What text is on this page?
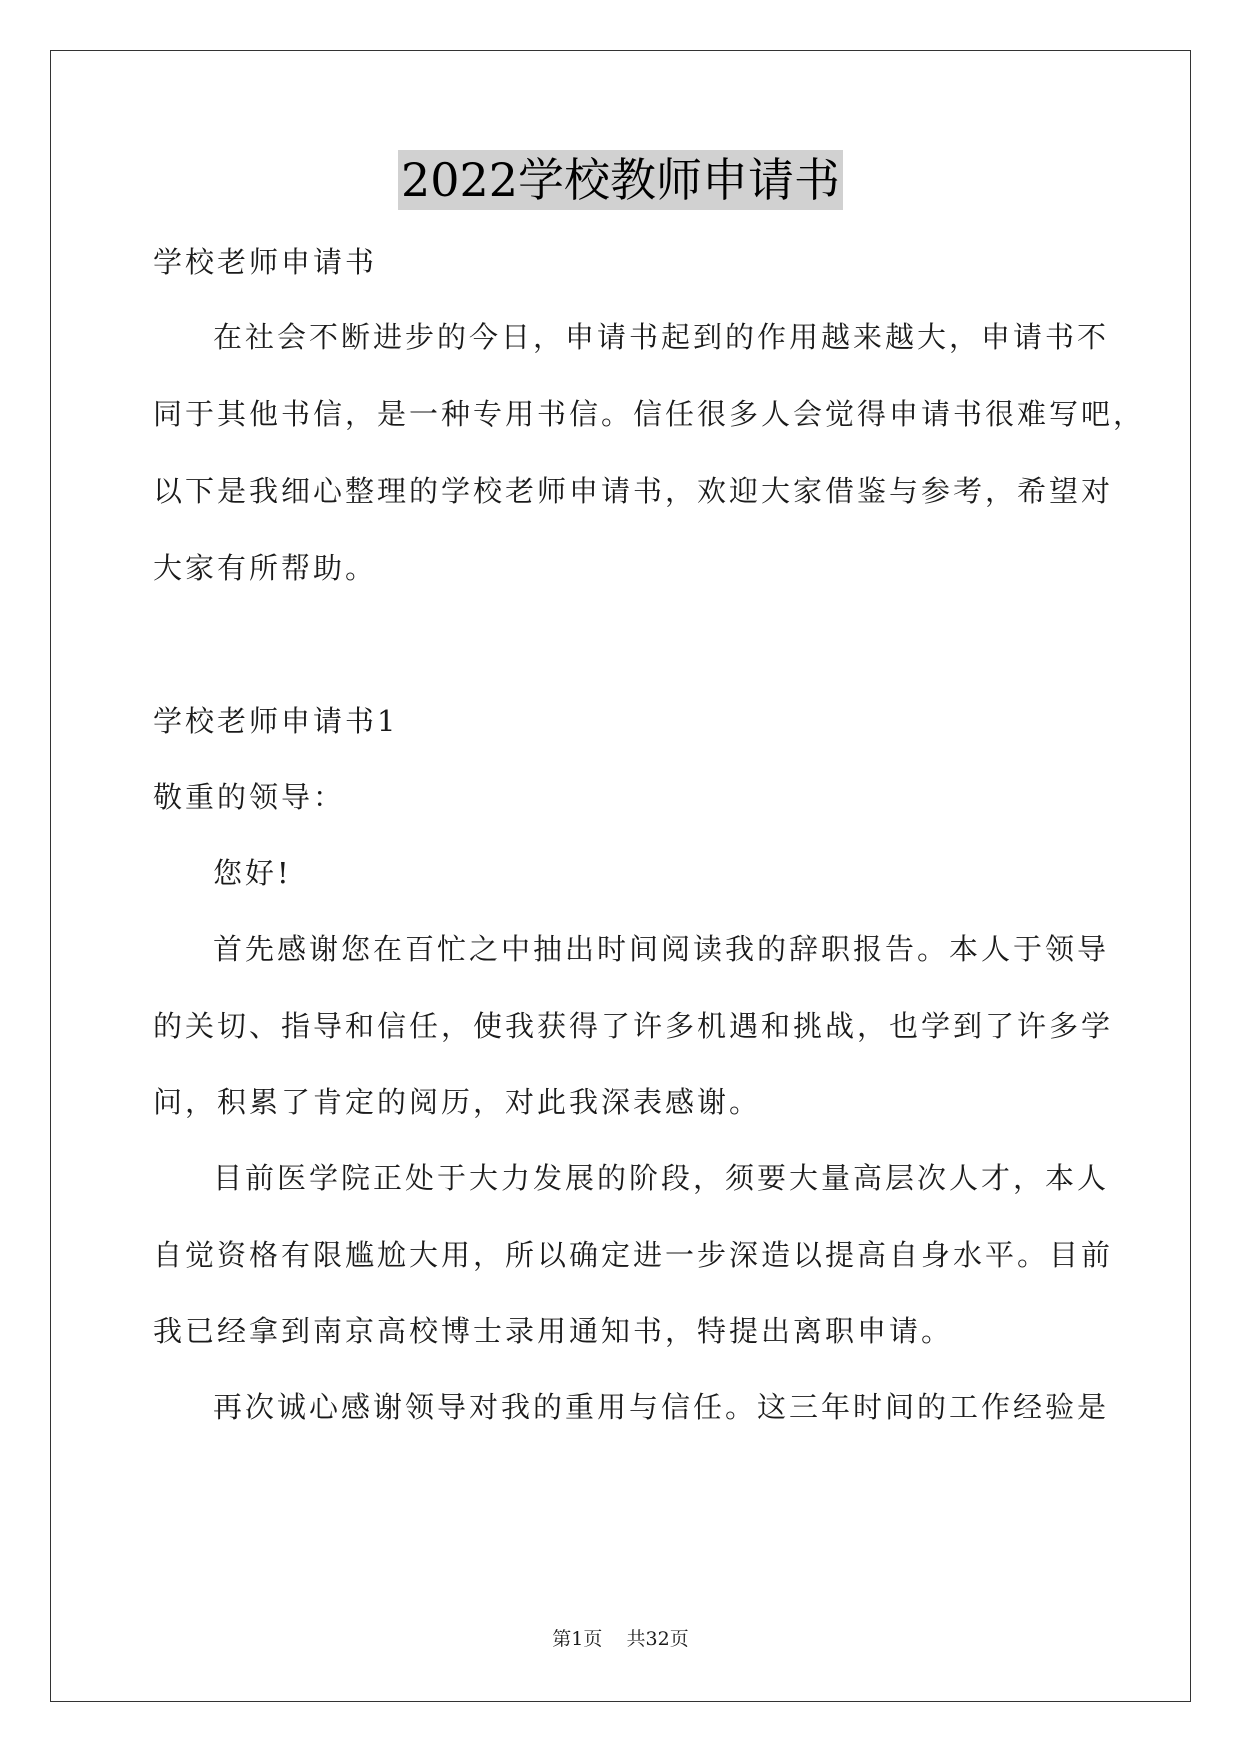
2022学校教师申请书
学校老师申请书
在社会不断进步的今日，申请书起到的作用越来越大，申请书不
同于其他书信，是一种专用书信。信任很多人会觉得申请书很难写吧，
以下是我细心整理的学校老师申请书，欢迎大家借鉴与参考，希望对
大家有所帮助。
学校老师申请书1
敬重的领导：
您好!
首先感谢您在百忙之中抽出时间阅读我的辞职报告。本人于领导
的关切、指导和信任，使我获得了许多机遇和挑战，也学到了许多学
问，积累了肯定的阅历，对此我深表感谢。
目前医学院正处于大力发展的阶段，须要大量高层次人才，本人
自觉资格有限尴尬大用，所以确定进一步深造以提高自身水平。目前
我已经拿到南京高校博士录用通知书，特提出离职申请。
再次诚心感谢领导对我的重用与信任。这三年时间的工作经验是
第1页 共32页
